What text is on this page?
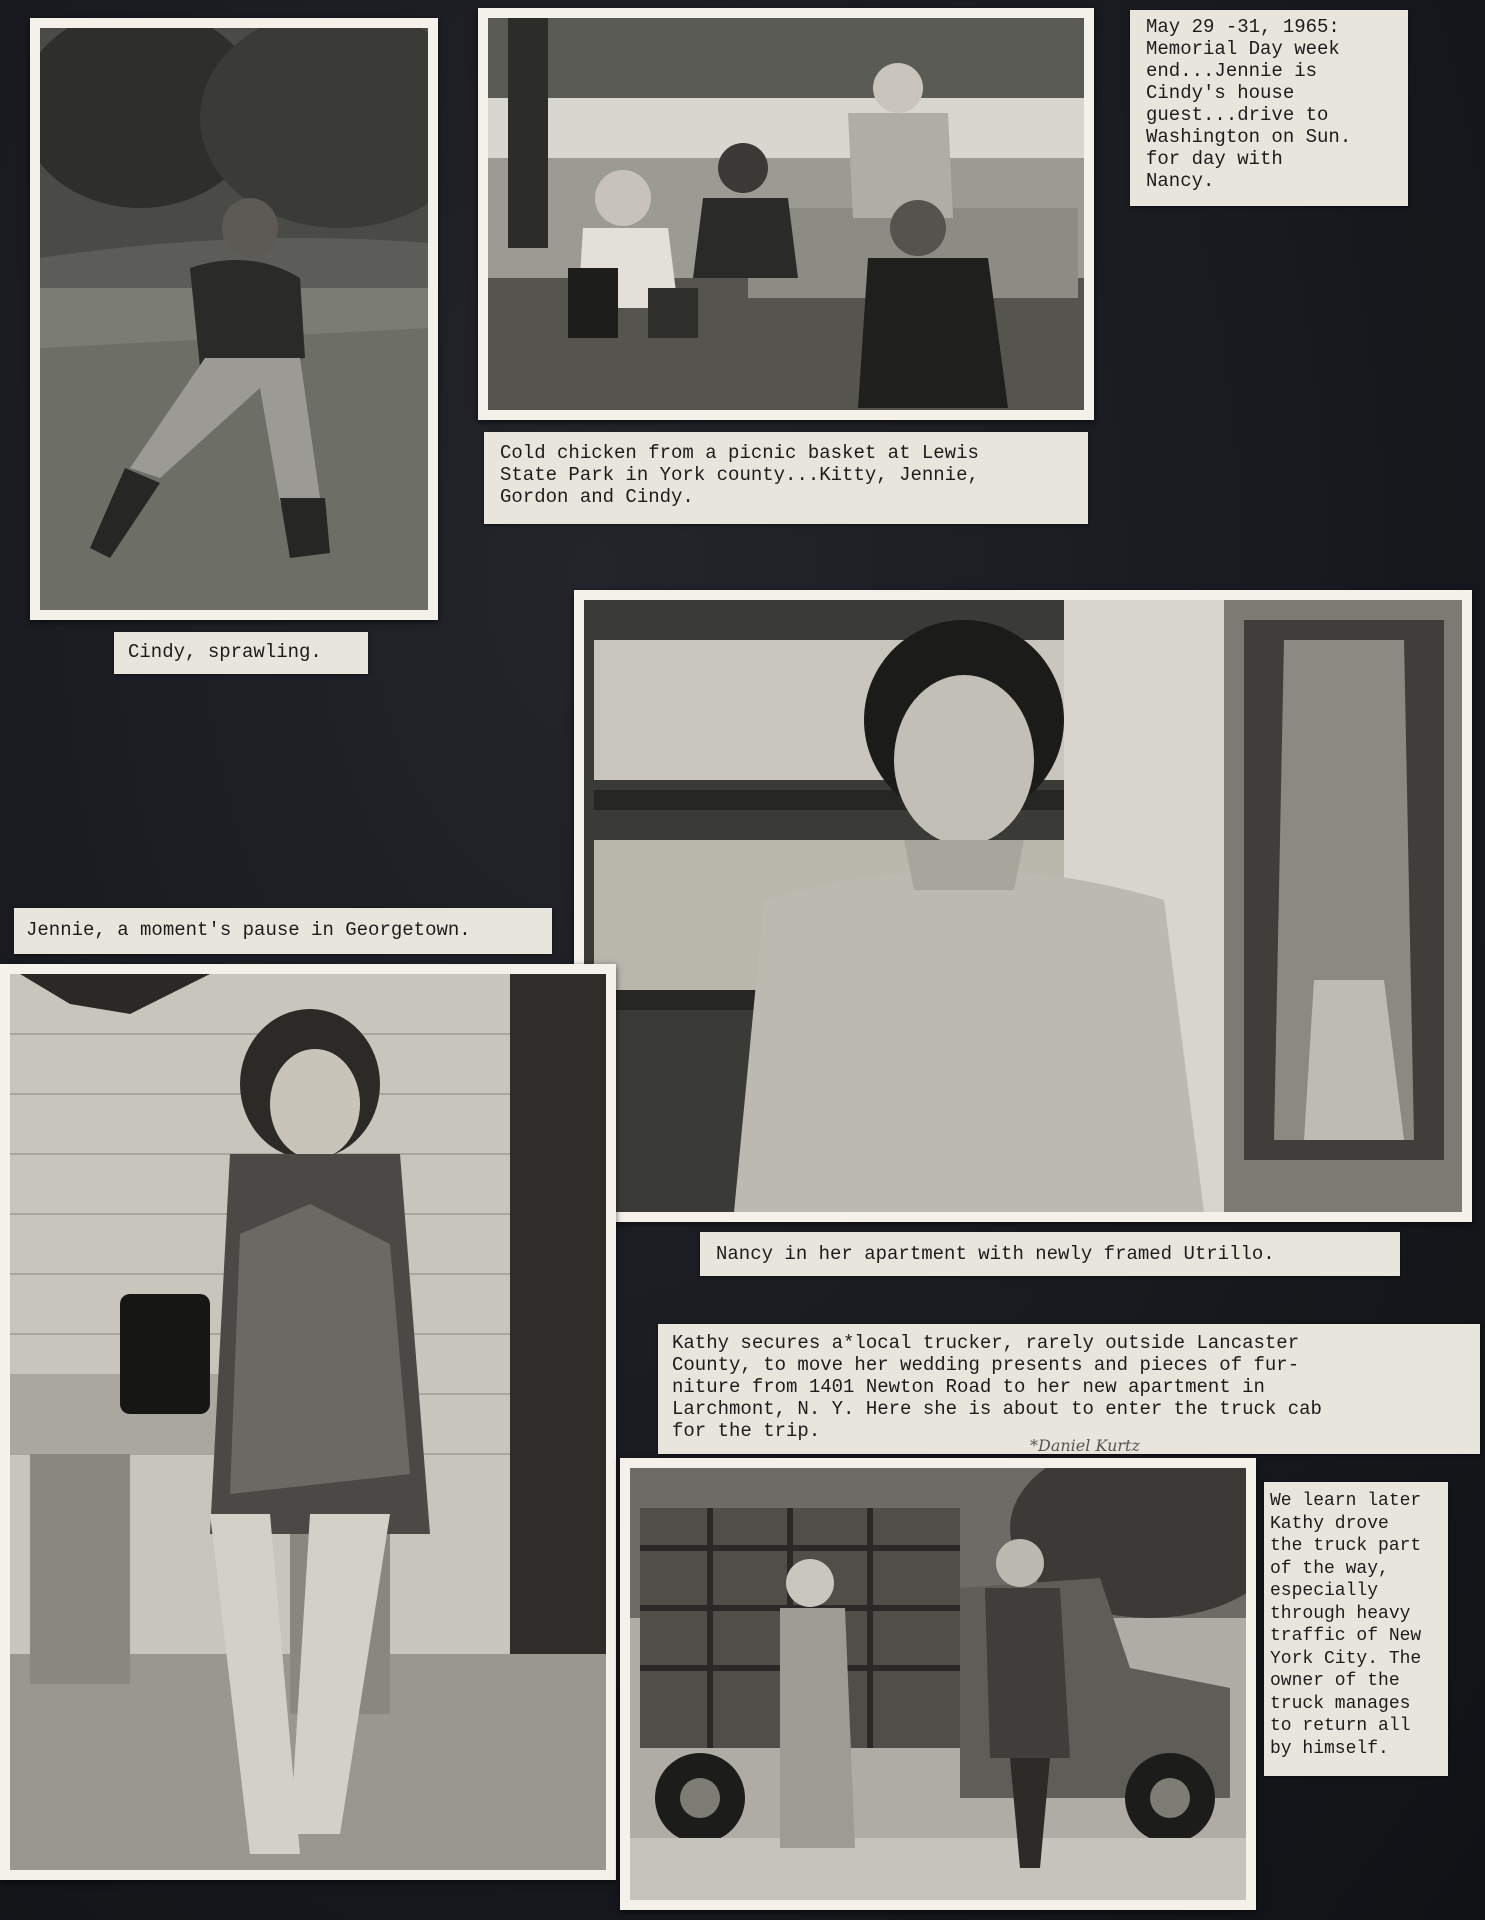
May 29 -31, 1965:
Memorial Day week
end...Jennie is
Cindy's house
guest...drive to
Washington on Sun.
for day with
Nancy.
Cold chicken from a picnic basket at Lewis
State Park in York county...Kitty, Jennie,
Gordon and Cindy.
Cindy, sprawling.
Jennie, a moment's pause in Georgetown.
Nancy in her apartment with newly framed Utrillo.
Kathy secures a*local trucker, rarely outside Lancaster
County, to move her wedding presents and pieces of fur-
niture from 1401 Newton Road to her new apartment in
Larchmont, N. Y. Here she is about to enter the truck cab
for the trip.
*Daniel Kurtz
We learn later
Kathy drove
the truck part
of the way,
especially
through heavy
traffic of New
York City. The
owner of the
truck manages
to return all
by himself.
